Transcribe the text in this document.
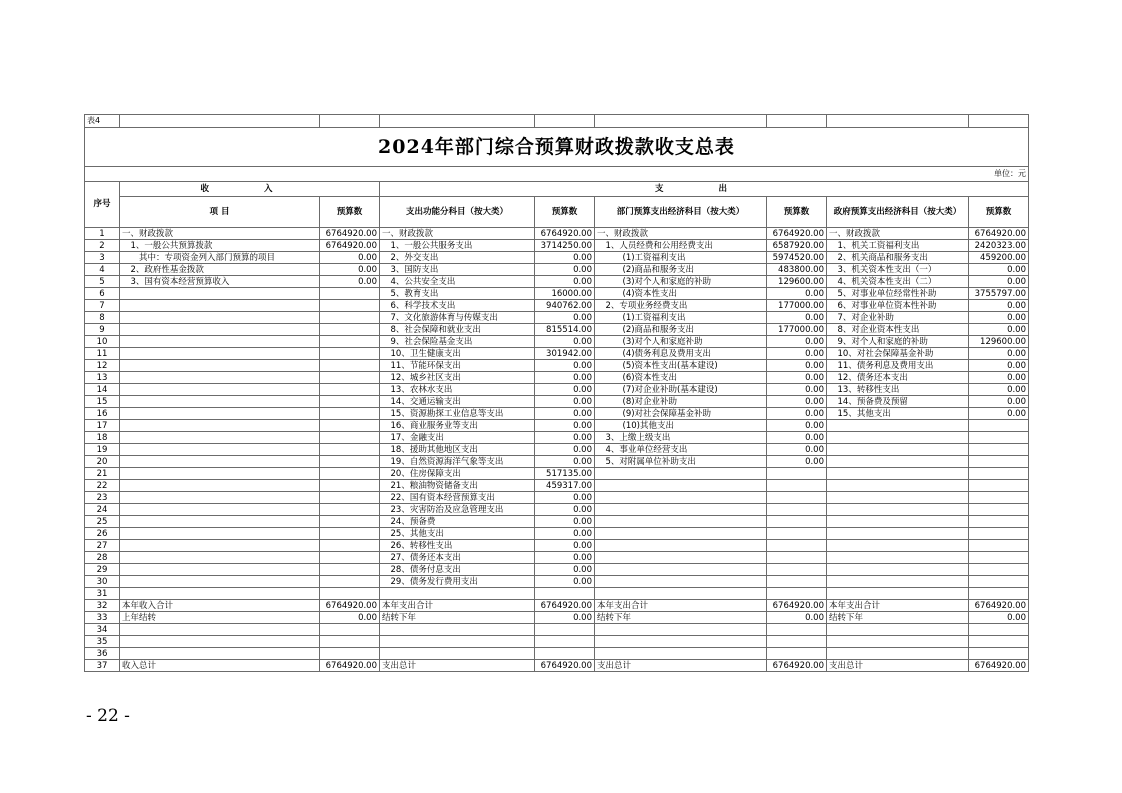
表4								
2024年部门综合预算财政拨款收支总表								
								单位：元
序号	收 入		支 出					
	项 目	预算数	支出功能分科目（按大类）	预算数	部门预算支出经济科目（按大类）	预算数	政府预算支出经济科目（按大类）	预算数
1	一、财政拨款	6764920.00	一、财政拨款	6764920.00	一、财政拨款	6764920.00	一、财政拨款	6764920.00
2	　1、一般公共预算拨款	6764920.00	　1、一般公共服务支出	3714250.00	　1、人员经费和公用经费支出	6587920.00	　1、机关工资福利支出	2420323.00
3	　　其中：专项资金列入部门预算的项目	0.00	　2、外交支出	0.00	　　　(1)工资福利支出	5974520.00	　2、机关商品和服务支出	459200.00
4	　2、政府性基金拨款	0.00	　3、国防支出	0.00	　　　(2)商品和服务支出	483800.00	　3、机关资本性支出（一）	0.00
5	　3、国有资本经营预算收入	0.00	　4、公共安全支出	0.00	　　　(3)对个人和家庭的补助	129600.00	　4、机关资本性支出（二）	0.00
6			　5、教育支出	16000.00	　　　(4)资本性支出	0.00	　5、对事业单位经常性补助	3755797.00
7			　6、科学技术支出	940762.00	　2、专项业务经费支出	177000.00	　6、对事业单位资本性补助	0.00
8			　7、文化旅游体育与传媒支出	0.00	　　　(1)工资福利支出	0.00	　7、对企业补助	0.00
9			　8、社会保障和就业支出	815514.00	　　　(2)商品和服务支出	177000.00	　8、对企业资本性支出	0.00
10			　9、社会保险基金支出	0.00	　　　(3)对个人和家庭补助	0.00	　9、对个人和家庭的补助	129600.00
11			　10、卫生健康支出	301942.00	　　　(4)债务利息及费用支出	0.00	　10、对社会保障基金补助	0.00
12			　11、节能环保支出	0.00	　　　(5)资本性支出(基本建设)	0.00	　11、债务利息及费用支出	0.00
13			　12、城乡社区支出	0.00	　　　(6)资本性支出	0.00	　12、债务还本支出	0.00
14			　13、农林水支出	0.00	　　　(7)对企业补助(基本建设)	0.00	　13、转移性支出	0.00
15			　14、交通运输支出	0.00	　　　(8)对企业补助	0.00	　14、预备费及预留	0.00
16			　15、资源勘探工业信息等支出	0.00	　　　(9)对社会保障基金补助	0.00	　15、其他支出	0.00
17			　16、商业服务业等支出	0.00	　　　(10)其他支出	0.00		
18			　17、金融支出	0.00	　3、上缴上级支出	0.00		
19			　18、援助其他地区支出	0.00	　4、事业单位经营支出	0.00		
20			　19、自然资源海洋气象等支出	0.00	　5、对附属单位补助支出	0.00		
21			　20、住房保障支出	517135.00				
22			　21、粮油物资储备支出	459317.00				
23			　22、国有资本经营预算支出	0.00				
24			　23、灾害防治及应急管理支出	0.00				
25			　24、预备费	0.00				
26			　25、其他支出	0.00				
27			　26、转移性支出	0.00				
28			　27、债务还本支出	0.00				
29			　28、债务付息支出	0.00				
30			　29、债务发行费用支出	0.00				
31								
32	本年收入合计	6764920.00	本年支出合计	6764920.00	本年支出合计	6764920.00	本年支出合计	6764920.00
33	上年结转	0.00	结转下年	0.00	结转下年	0.00	结转下年	0.00
34								
35								
36								
37	收入总计	6764920.00	支出总计	6764920.00	支出总计	6764920.00	支出总计	6764920.00
- 22 -
